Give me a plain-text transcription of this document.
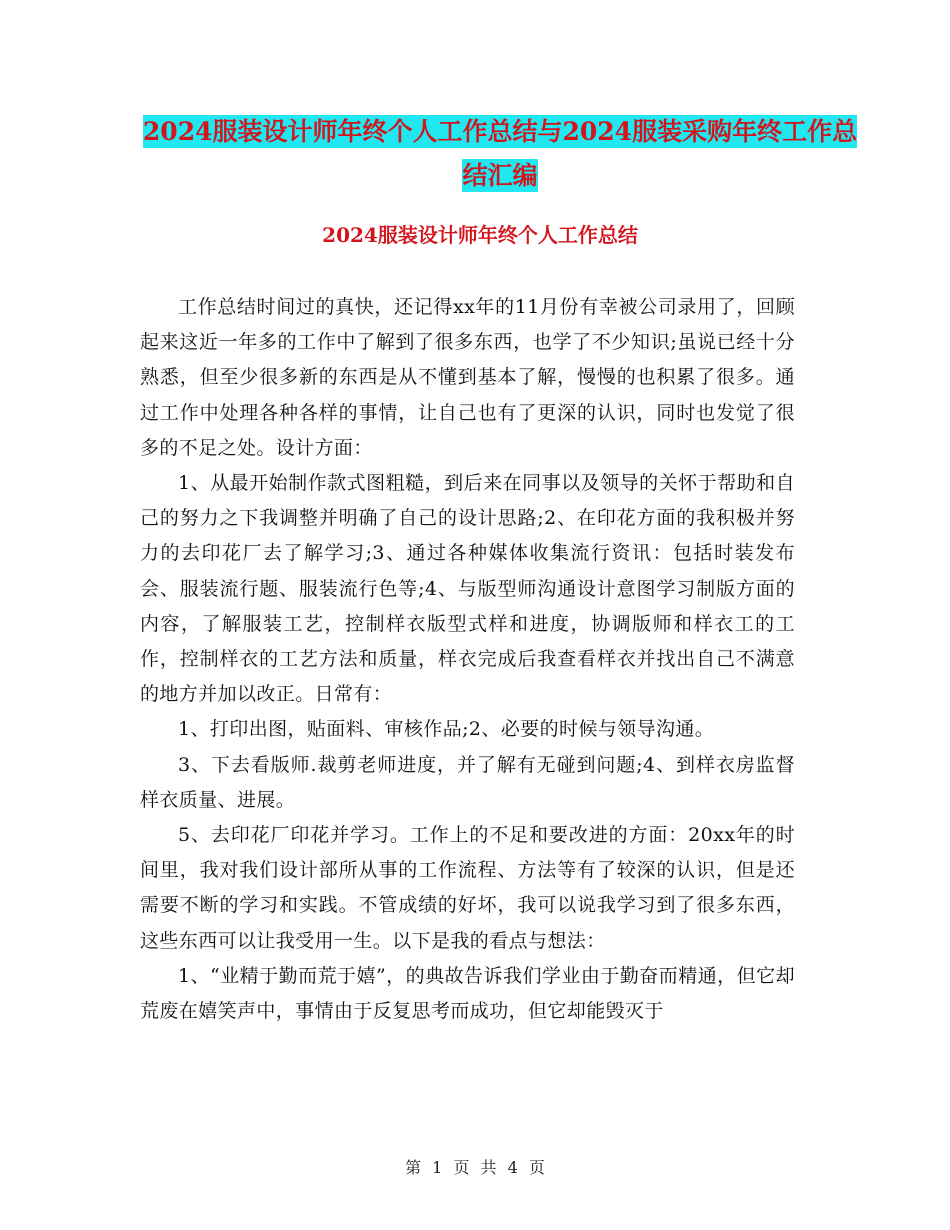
2024服装设计师年终个人工作总结与2024服装采购年终工作总结汇编
2024服装设计师年终个人工作总结

工作总结时间过的真快，还记得xx年的11月份有幸被公司录用了，回顾起来这近一年多的工作中了解到了很多东西，也学了不少知识;虽说已经十分熟悉，但至少很多新的东西是从不懂到基本了解，慢慢的也积累了很多。通过工作中处理各种各样的事情，让自己也有了更深的认识，同时也发觉了很多的不足之处。设计方面：

1、从最开始制作款式图粗糙，到后来在同事以及领导的关怀于帮助和自己的努力之下我调整并明确了自己的设计思路;2、在印花方面的我积极并努力的去印花厂去了解学习;3、通过各种媒体收集流行资讯：包括时装发布会、服装流行题、服装流行色等;4、与版型师沟通设计意图学习制版方面的内容，了解服装工艺，控制样衣版型式样和进度，协调版师和样衣工的工作，控制样衣的工艺方法和质量，样衣完成后我查看样衣并找出自己不满意的地方并加以改正。日常有：

1、打印出图，贴面料、审核作品;2、必要的时候与领导沟通。

3、下去看版师.裁剪老师进度，并了解有无碰到问题;4、到样衣房监督样衣质量、进展。

5、去印花厂印花并学习。工作上的不足和要改进的方面：20xx年的时间里，我对我们设计部所从事的工作流程、方法等有了较深的认识，但是还需要不断的学习和实践。不管成绩的好坏，我可以说我学习到了很多东西，这些东西可以让我受用一生。以下是我的看点与想法：

1、“业精于勤而荒于嬉”，的典故告诉我们学业由于勤奋而精通，但它却荒废在嬉笑声中，事情由于反复思考而成功，但它却能毁灭于

第 1 页 共 4 页
